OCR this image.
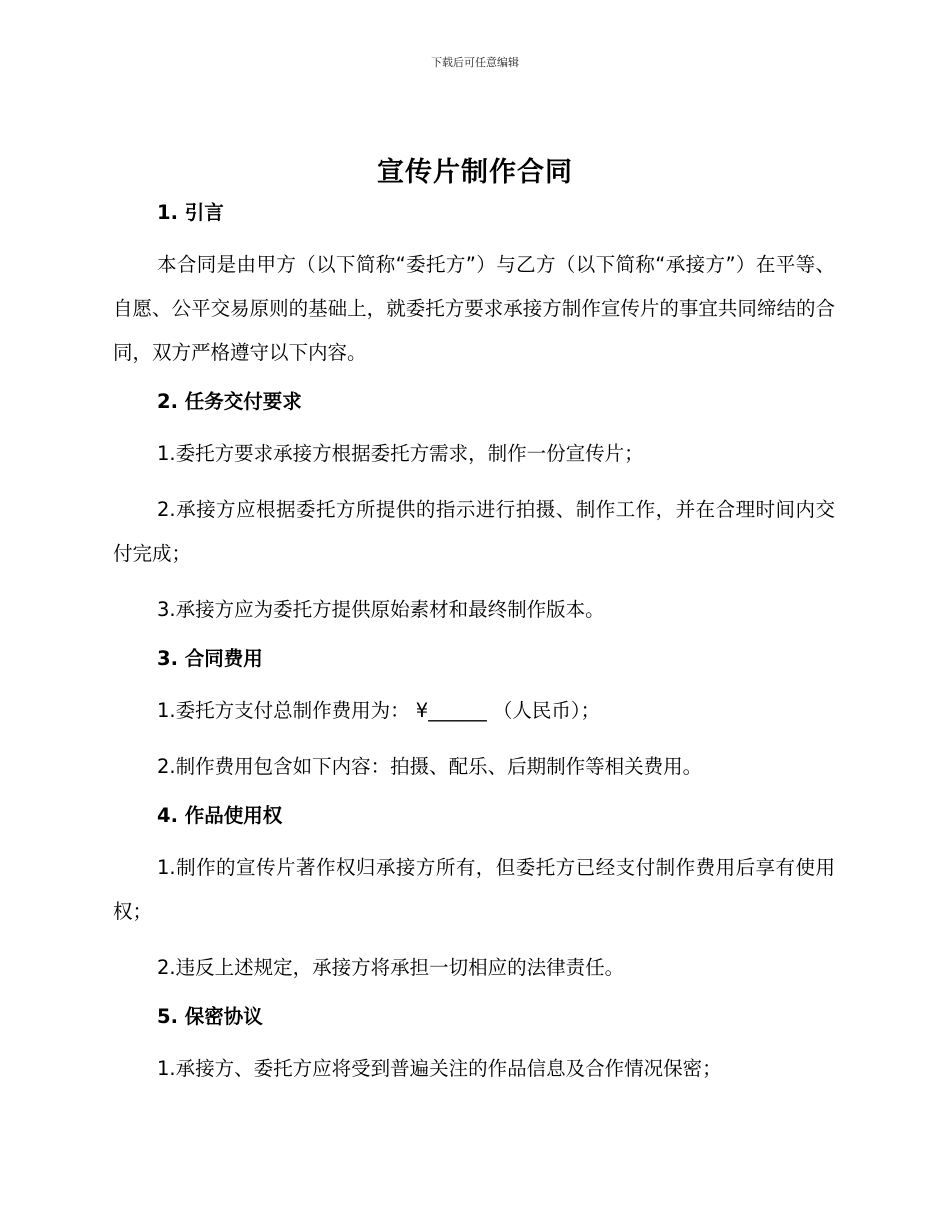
下载后可任意编辑
宣传片制作合同
1. 引言
本合同是由甲方（以下简称“委托方”）与乙方（以下简称“承接方”）在平等、自愿、公平交易原则的基础上，就委托方要求承接方制作宣传片的事宜共同缔结的合同，双方严格遵守以下内容。
2. 任务交付要求
1.委托方要求承接方根据委托方需求，制作一份宣传片；
2.承接方应根据委托方所提供的指示进行拍摄、制作工作，并在合理时间内交付完成；
3.承接方应为委托方提供原始素材和最终制作版本。
3. 合同费用
1.委托方支付总制作费用为： ¥______ （人民币）；
2.制作费用包含如下内容：拍摄、配乐、后期制作等相关费用。
4. 作品使用权
1.制作的宣传片著作权归承接方所有，但委托方已经支付制作费用后享有使用权；
2.违反上述规定，承接方将承担一切相应的法律责任。
5. 保密协议
1.承接方、委托方应将受到普遍关注的作品信息及合作情况保密；
